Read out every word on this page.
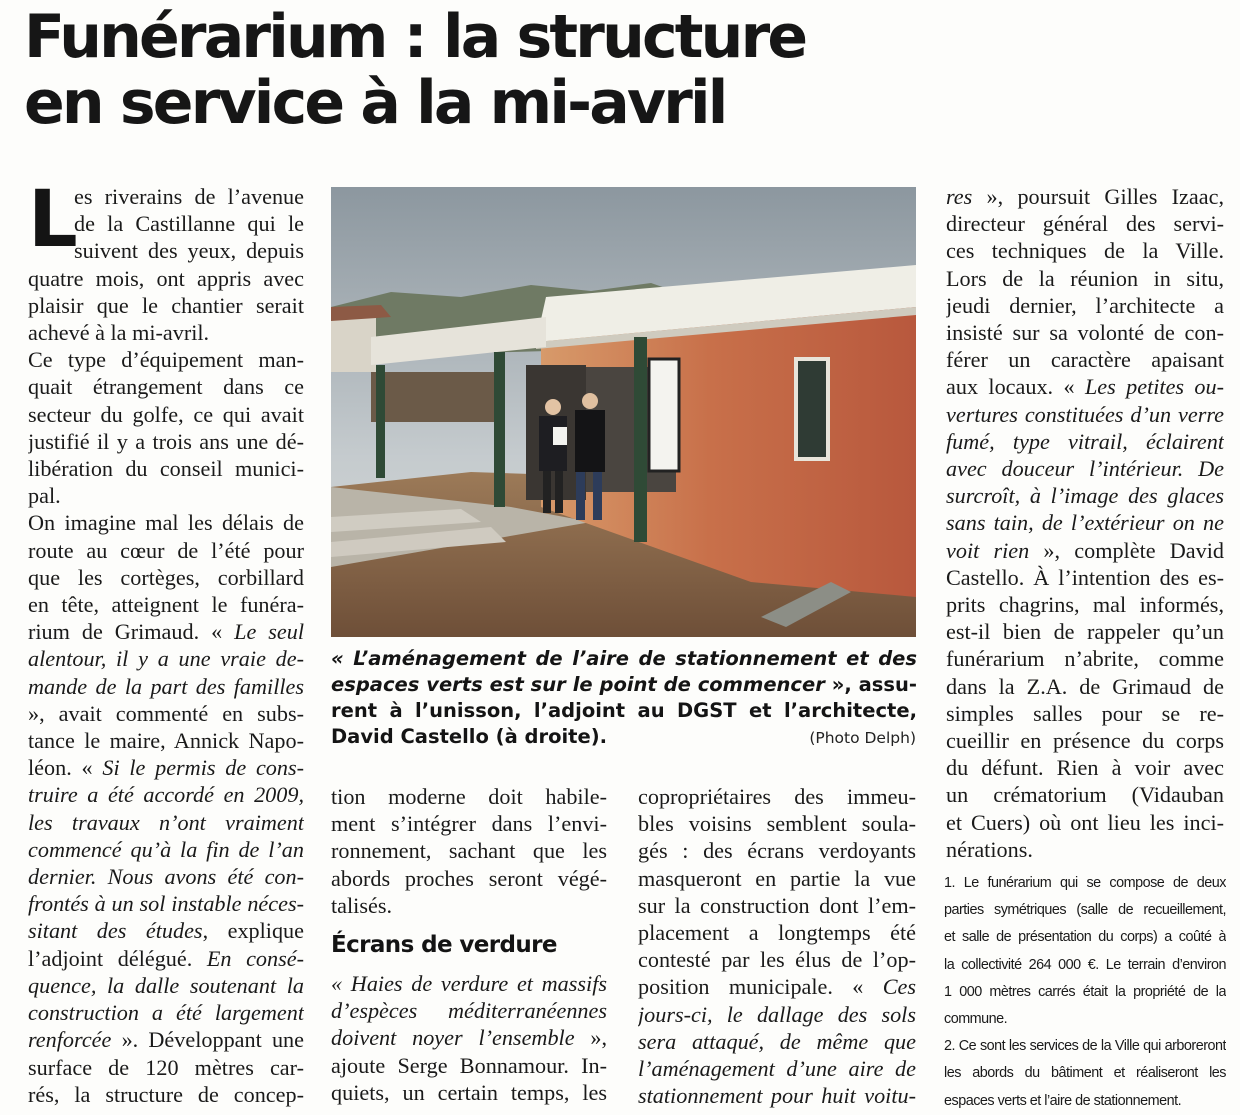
Funérarium : la structure
en service à la mi-avril
L
es riverains de l’avenue
de la Castillanne qui le
suivent des yeux, depuis
quatre mois, ont appris avec
plaisir que le chantier serait
achevé à la mi-avril.
Ce type d’équipement man-
quait étrangement dans ce
secteur du golfe, ce qui avait
justifié il y a trois ans une dé-
libération du conseil munici-
pal.
On imagine mal les délais de
route au cœur de l’été pour
que les cortèges, corbillard
en tête, atteignent le funéra-
rium de Grimaud. « Le seul
alentour, il y a une vraie de-
mande de la part des familles
», avait commenté en subs-
tance le maire, Annick Napo-
léon. « Si le permis de cons-
truire a été accordé en 2009,
les travaux n’ont vraiment
commencé qu’à la fin de l’an
dernier. Nous avons été con-
frontés à un sol instable néces-
sitant des études, explique
l’adjoint délégué. En consé-
quence, la dalle soutenant la
construction a été largement
renforcée ». Développant une
surface de 120 mètres car-
rés, la structure de concep-
« L’aménagement de l’aire de stationnement et des
espaces verts est sur le point de commencer », assu-
rent à l’unisson, l’adjoint au DGST et l’architecte,
David Castello (à droite).	(Photo Delph)
tion moderne doit habile-
ment s’intégrer dans l’envi-
ronnement, sachant que les
abords proches seront végé-
talisés.
Écrans de verdure
« Haies de verdure et massifs
d’espèces méditerranéennes
doivent noyer l’ensemble »,
ajoute Serge Bonnamour. In-
quiets, un certain temps, les
copropriétaires des immeu-
bles voisins semblent soula-
gés : des écrans verdoyants
masqueront en partie la vue
sur la construction dont l’em-
placement a longtemps été
contesté par les élus de l’op-
position municipale. « Ces
jours-ci, le dallage des sols
sera attaqué, de même que
l’aménagement d’une aire de
stationnement pour huit voitu-
res », poursuit Gilles Izaac,
directeur général des servi-
ces techniques de la Ville.
Lors de la réunion in situ,
jeudi dernier, l’architecte a
insisté sur sa volonté de con-
férer un caractère apaisant
aux locaux. « Les petites ou-
vertures constituées d’un verre
fumé, type vitrail, éclairent
avec douceur l’intérieur. De
surcroît, à l’image des glaces
sans tain, de l’extérieur on ne
voit rien », complète David
Castello. À l’intention des es-
prits chagrins, mal informés,
est-il bien de rappeler qu’un
funérarium n’abrite, comme
dans la Z.A. de Grimaud de
simples salles pour se re-
cueillir en présence du corps
du défunt. Rien à voir avec
un crématorium (Vidauban
et Cuers) où ont lieu les inci-
nérations.
1. Le funérarium qui se compose de deux
parties symétriques (salle de recueillement,
et salle de présentation du corps) a coûté à
la collectivité 264 000 €. Le terrain d’environ
1 000 mètres carrés était la propriété de la
commune.
2. Ce sont les services de la Ville qui arboreront
les abords du bâtiment et réaliseront les
espaces verts et l’aire de stationnement.
